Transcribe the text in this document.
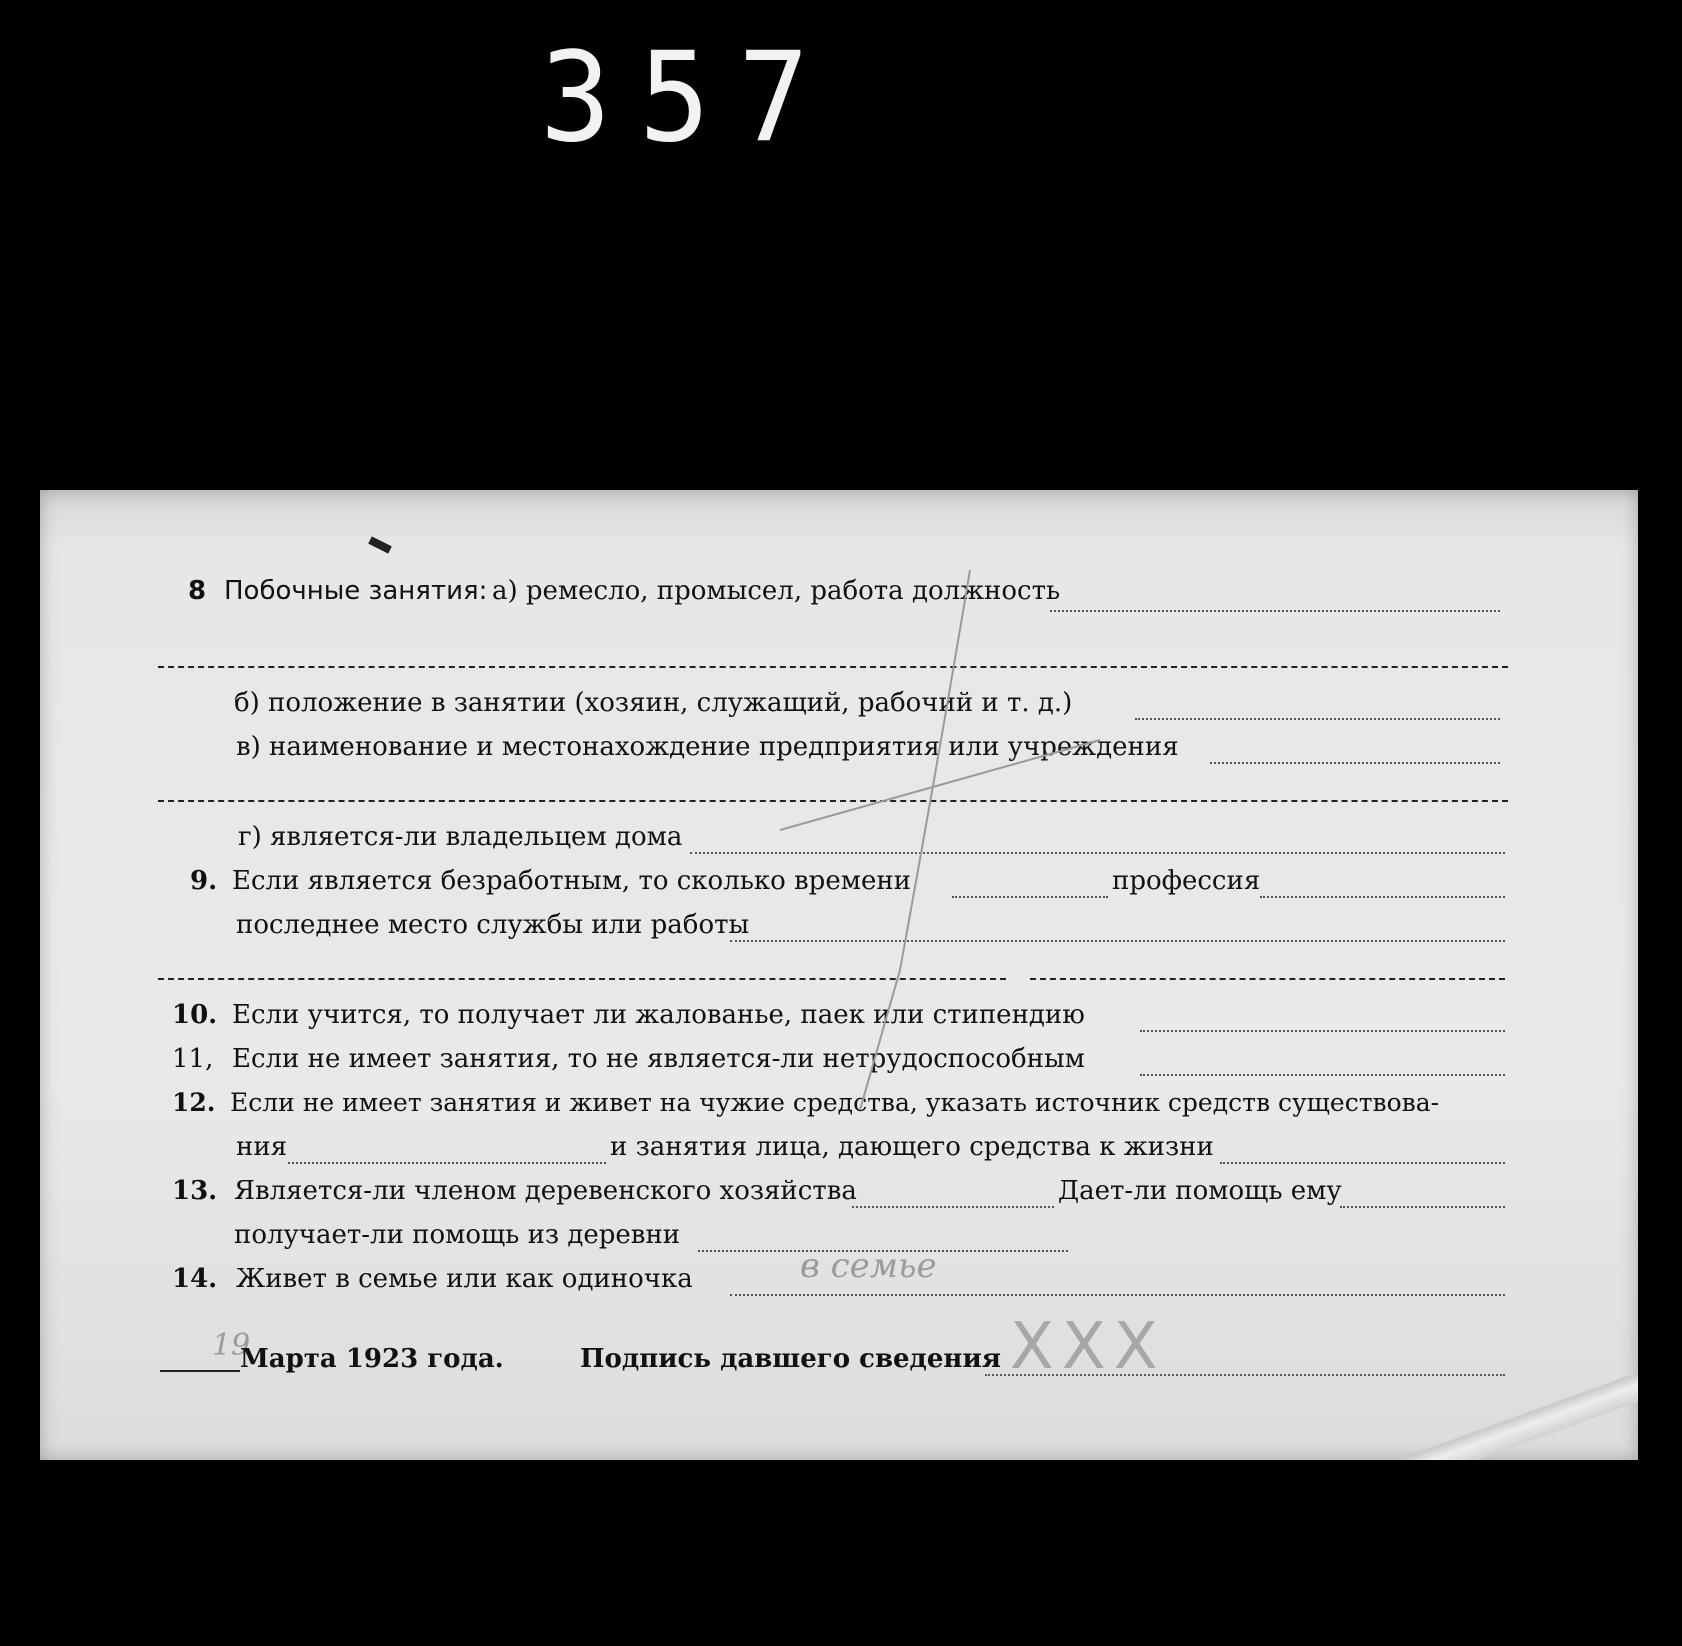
357
8 Побочные занятия: а) ремесло, промысел, работа должность
б) положение в занятии (хозяин, служащий, рабочий и т. д.)
в) наименование и местонахождение предприятия или учреждения
г) является-ли владельцем дома
9. Если является безработным, то сколько времени	профессия
последнее место службы или работы
10. Если учится, то получает ли жалованье, паек или стипендию
11, Если не имеет занятия, то не является-ли нетрудоспособным
12. Если не имеет занятия и живет на чужие средства, указать источник средств существова-
ния	и занятия лица, дающего средства к жизни
13. Является-ли членом деревенского хозяйства	Дает-ли помощь ему
получает-ли помощь из деревни
14. Живет в семье или как одиночка	в семье
19
Марта 1923 года.	Подпись давшего сведения XXX
